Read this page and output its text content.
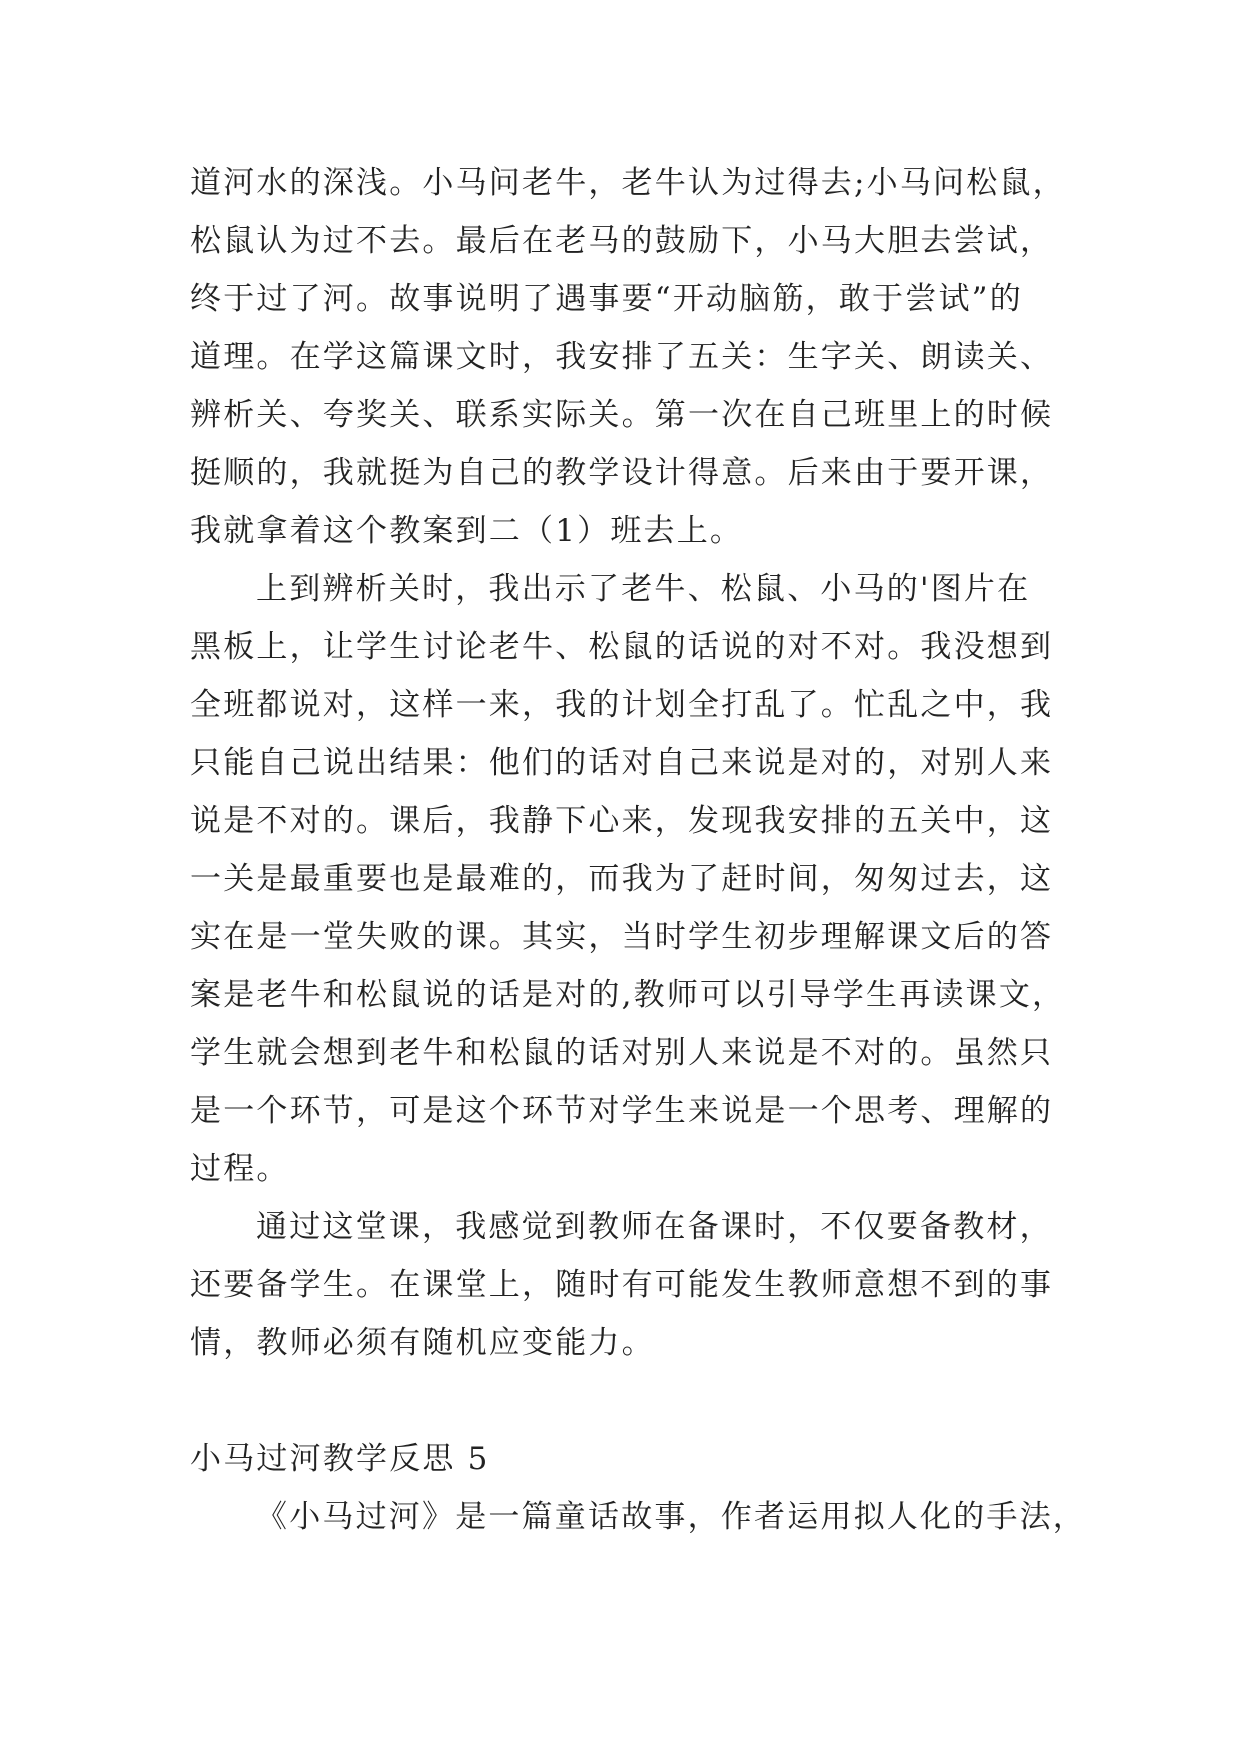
道河水的深浅。小马问老牛，老牛认为过得去;小马问松鼠，
松鼠认为过不去。最后在老马的鼓励下，小马大胆去尝试，
终于过了河。故事说明了遇事要“开动脑筋，敢于尝试”的
道理。在学这篇课文时，我安排了五关：生字关、朗读关、
辨析关、夸奖关、联系实际关。第一次在自己班里上的时候
挺顺的，我就挺为自己的教学设计得意。后来由于要开课，
我就拿着这个教案到二（1）班去上。
上到辨析关时，我出示了老牛、松鼠、小马的'图片在
黑板上，让学生讨论老牛、松鼠的话说的对不对。我没想到
全班都说对，这样一来，我的计划全打乱了。忙乱之中，我
只能自己说出结果：他们的话对自己来说是对的，对别人来
说是不对的。课后，我静下心来，发现我安排的五关中，这
一关是最重要也是最难的，而我为了赶时间，匆匆过去，这
实在是一堂失败的课。其实，当时学生初步理解课文后的答
案是老牛和松鼠说的话是对的,教师可以引导学生再读课文，
学生就会想到老牛和松鼠的话对别人来说是不对的。虽然只
是一个环节，可是这个环节对学生来说是一个思考、理解的
过程。
通过这堂课，我感觉到教师在备课时，不仅要备教材，
还要备学生。在课堂上，随时有可能发生教师意想不到的事
情，教师必须有随机应变能力。
小马过河教学反思 5
《小马过河》是一篇童话故事，作者运用拟人化的手法，
